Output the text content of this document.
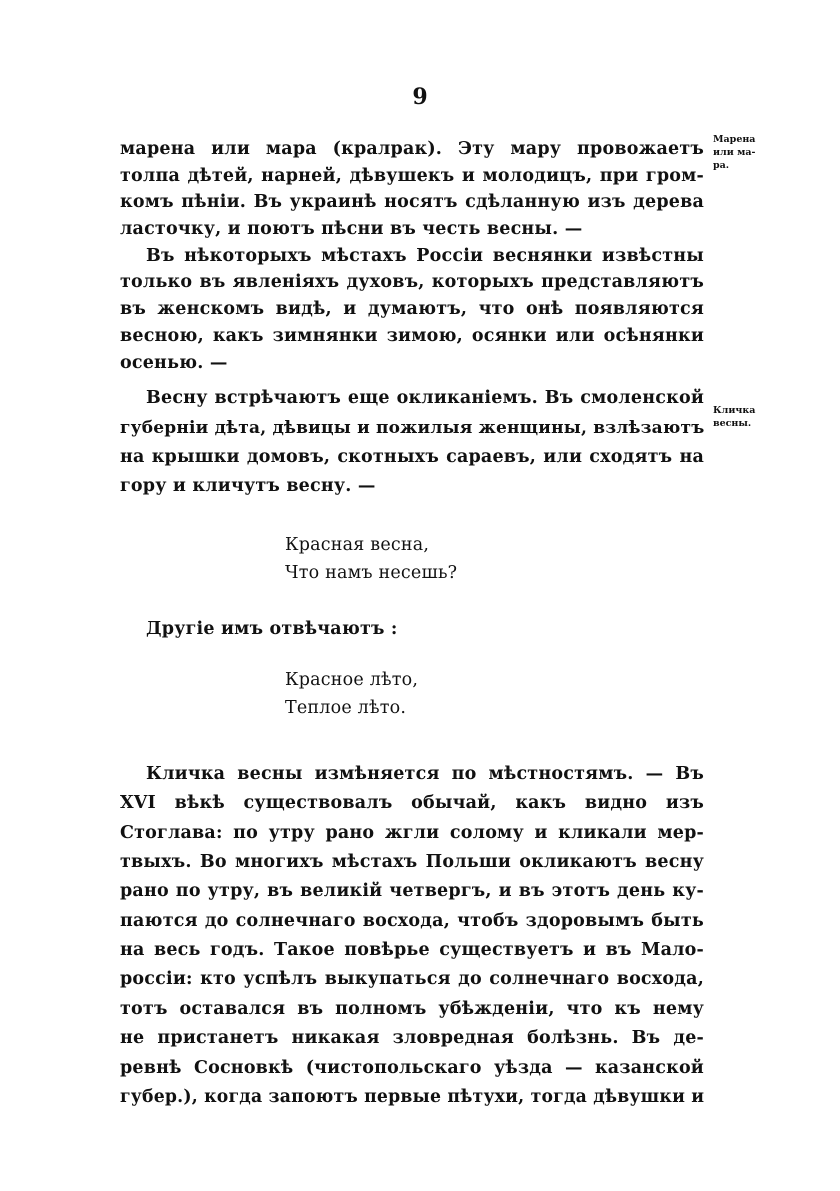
9
Марена
или ма-
ра.
Кличка
весны.
марена или мара (кралрак). Эту мару провожаетъ
толпа дѣтей, нарней, дѣвушекъ и молодицъ, при гром-
комъ пѣніи. Въ украинѣ носятъ сдѣланную изъ дерева
ласточку, и поютъ пѣсни въ честь весны. —
Въ нѣкоторыхъ мѣстахъ Россіи веснянки извѣстны
только въ явленіяхъ духовъ, которыхъ представляютъ
въ женскомъ видѣ, и думаютъ, что онѣ появляются
весною, какъ зимнянки зимою, осянки или осѣнянки
осенью. —
Весну встрѣчаютъ еще окликаніемъ. Въ смоленской
губерніи дѣта, дѣвицы и пожилыя женщины, взлѣзаютъ
на крышки домовъ, скотныхъ сараевъ, или сходятъ на
гору и кличутъ весну. —
Красная весна,
Что намъ несешь?
Другіе имъ отвѣчаютъ :
Красное лѣто,
Теплое лѣто.
Кличка весны измѣняется по мѣстностямъ. — Въ
XVI вѣкѣ существовалъ обычай, какъ видно изъ
Стоглава: по утру рано жгли солому и кликали мер-
твыхъ. Во многихъ мѣстахъ Польши окликаютъ весну
рано по утру, въ великій четвергъ, и въ этотъ день ку-
паются до солнечнаго восхода, чтобъ здоровымъ быть
на весь годъ. Такое повѣрье существуетъ и въ Мало-
россіи: кто успѣлъ выкупаться до солнечнаго восхода,
тотъ оставался въ полномъ убѣжденіи, что къ нему
не пристанетъ никакая зловредная болѣзнь. Въ де-
ревнѣ Сосновкѣ (чистопольскаго уѣзда — казанской
губер.), когда запоютъ первые пѣтухи, тогда дѣвушки и
